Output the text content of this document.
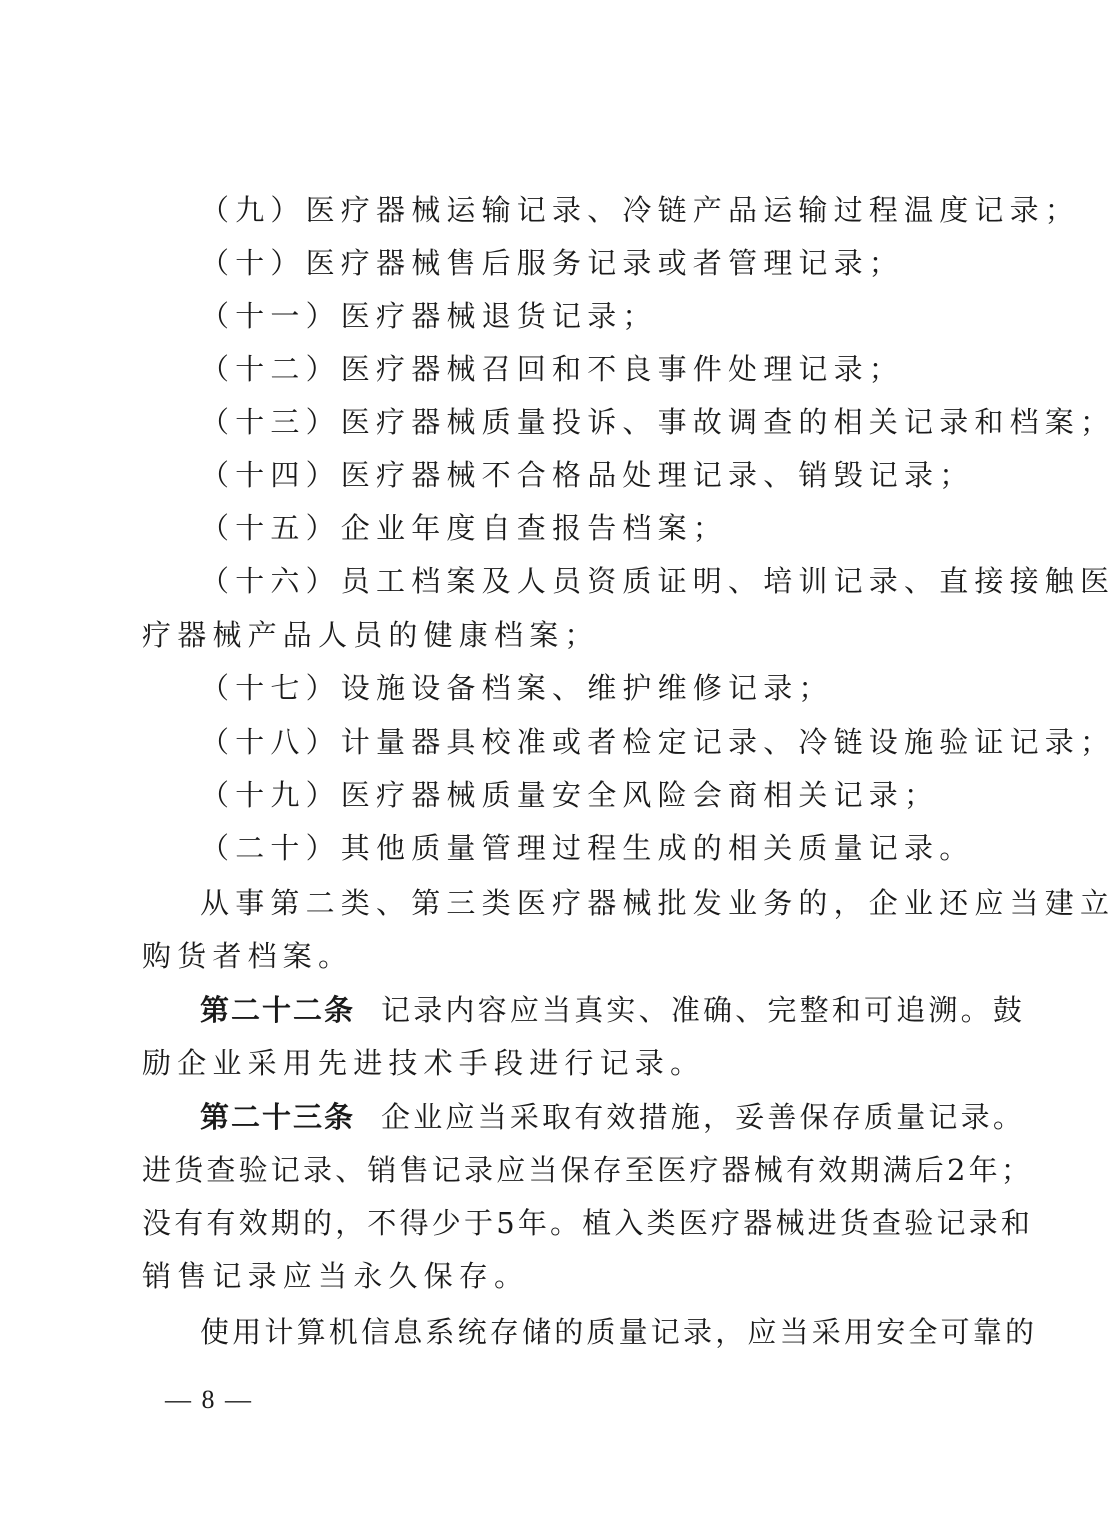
（九）医疗器械运输记录、冷链产品运输过程温度记录；
（十）医疗器械售后服务记录或者管理记录；
（十一）医疗器械退货记录；
（十二）医疗器械召回和不良事件处理记录；
（十三）医疗器械质量投诉、事故调查的相关记录和档案；
（十四）医疗器械不合格品处理记录、销毁记录；
（十五）企业年度自查报告档案；
（十六）员工档案及人员资质证明、培训记录、直接接触医
疗器械产品人员的健康档案；
（十七）设施设备档案、维护维修记录；
（十八）计量器具校准或者检定记录、冷链设施验证记录；
（十九）医疗器械质量安全风险会商相关记录；
（二十）其他质量管理过程生成的相关质量记录。
从事第二类、第三类医疗器械批发业务的，企业还应当建立
购货者档案。
第二十二条 记录内容应当真实、准确、完整和可追溯。鼓
励企业采用先进技术手段进行记录。
第二十三条 企业应当采取有效措施，妥善保存质量记录。
进货查验记录、销售记录应当保存至医疗器械有效期满后2年；
没有有效期的，不得少于5年。植入类医疗器械进货查验记录和
销售记录应当永久保存。
使用计算机信息系统存储的质量记录，应当采用安全可靠的
— 8 —
